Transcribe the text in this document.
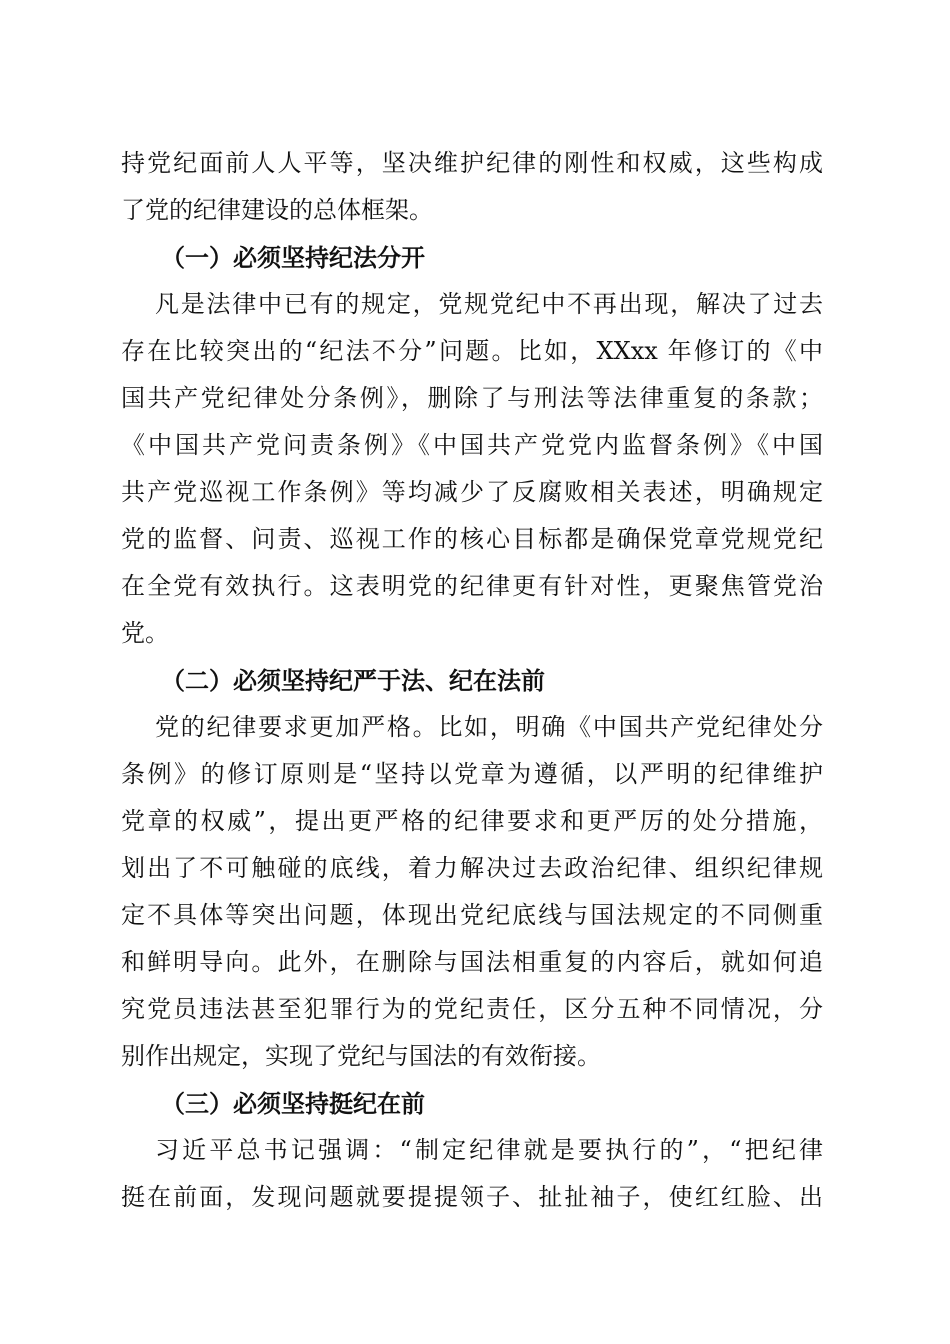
持党纪面前人人平等，坚决维护纪律的刚性和权威，这些构成
了党的纪律建设的总体框架。
（一）必须坚持纪法分开
凡是法律中已有的规定，党规党纪中不再出现，解决了过去
存在比较突出的“纪法不分”问题。比如，XXxx 年修订的《中
国共产党纪律处分条例》，删除了与刑法等法律重复的条款；
《中国共产党问责条例》《中国共产党党内监督条例》《中国
共产党巡视工作条例》等均减少了反腐败相关表述，明确规定
党的监督、问责、巡视工作的核心目标都是确保党章党规党纪
在全党有效执行。这表明党的纪律更有针对性，更聚焦管党治
党。
（二）必须坚持纪严于法、纪在法前
党的纪律要求更加严格。比如，明确《中国共产党纪律处分
条例》的修订原则是“坚持以党章为遵循，以严明的纪律维护
党章的权威”，提出更严格的纪律要求和更严厉的处分措施，
划出了不可触碰的底线，着力解决过去政治纪律、组织纪律规
定不具体等突出问题，体现出党纪底线与国法规定的不同侧重
和鲜明导向。此外，在删除与国法相重复的内容后，就如何追
究党员违法甚至犯罪行为的党纪责任，区分五种不同情况，分
别作出规定，实现了党纪与国法的有效衔接。
（三）必须坚持挺纪在前
习近平总书记强调：“制定纪律就是要执行的”，“把纪律
挺在前面，发现问题就要提提领子、扯扯袖子，使红红脸、出
